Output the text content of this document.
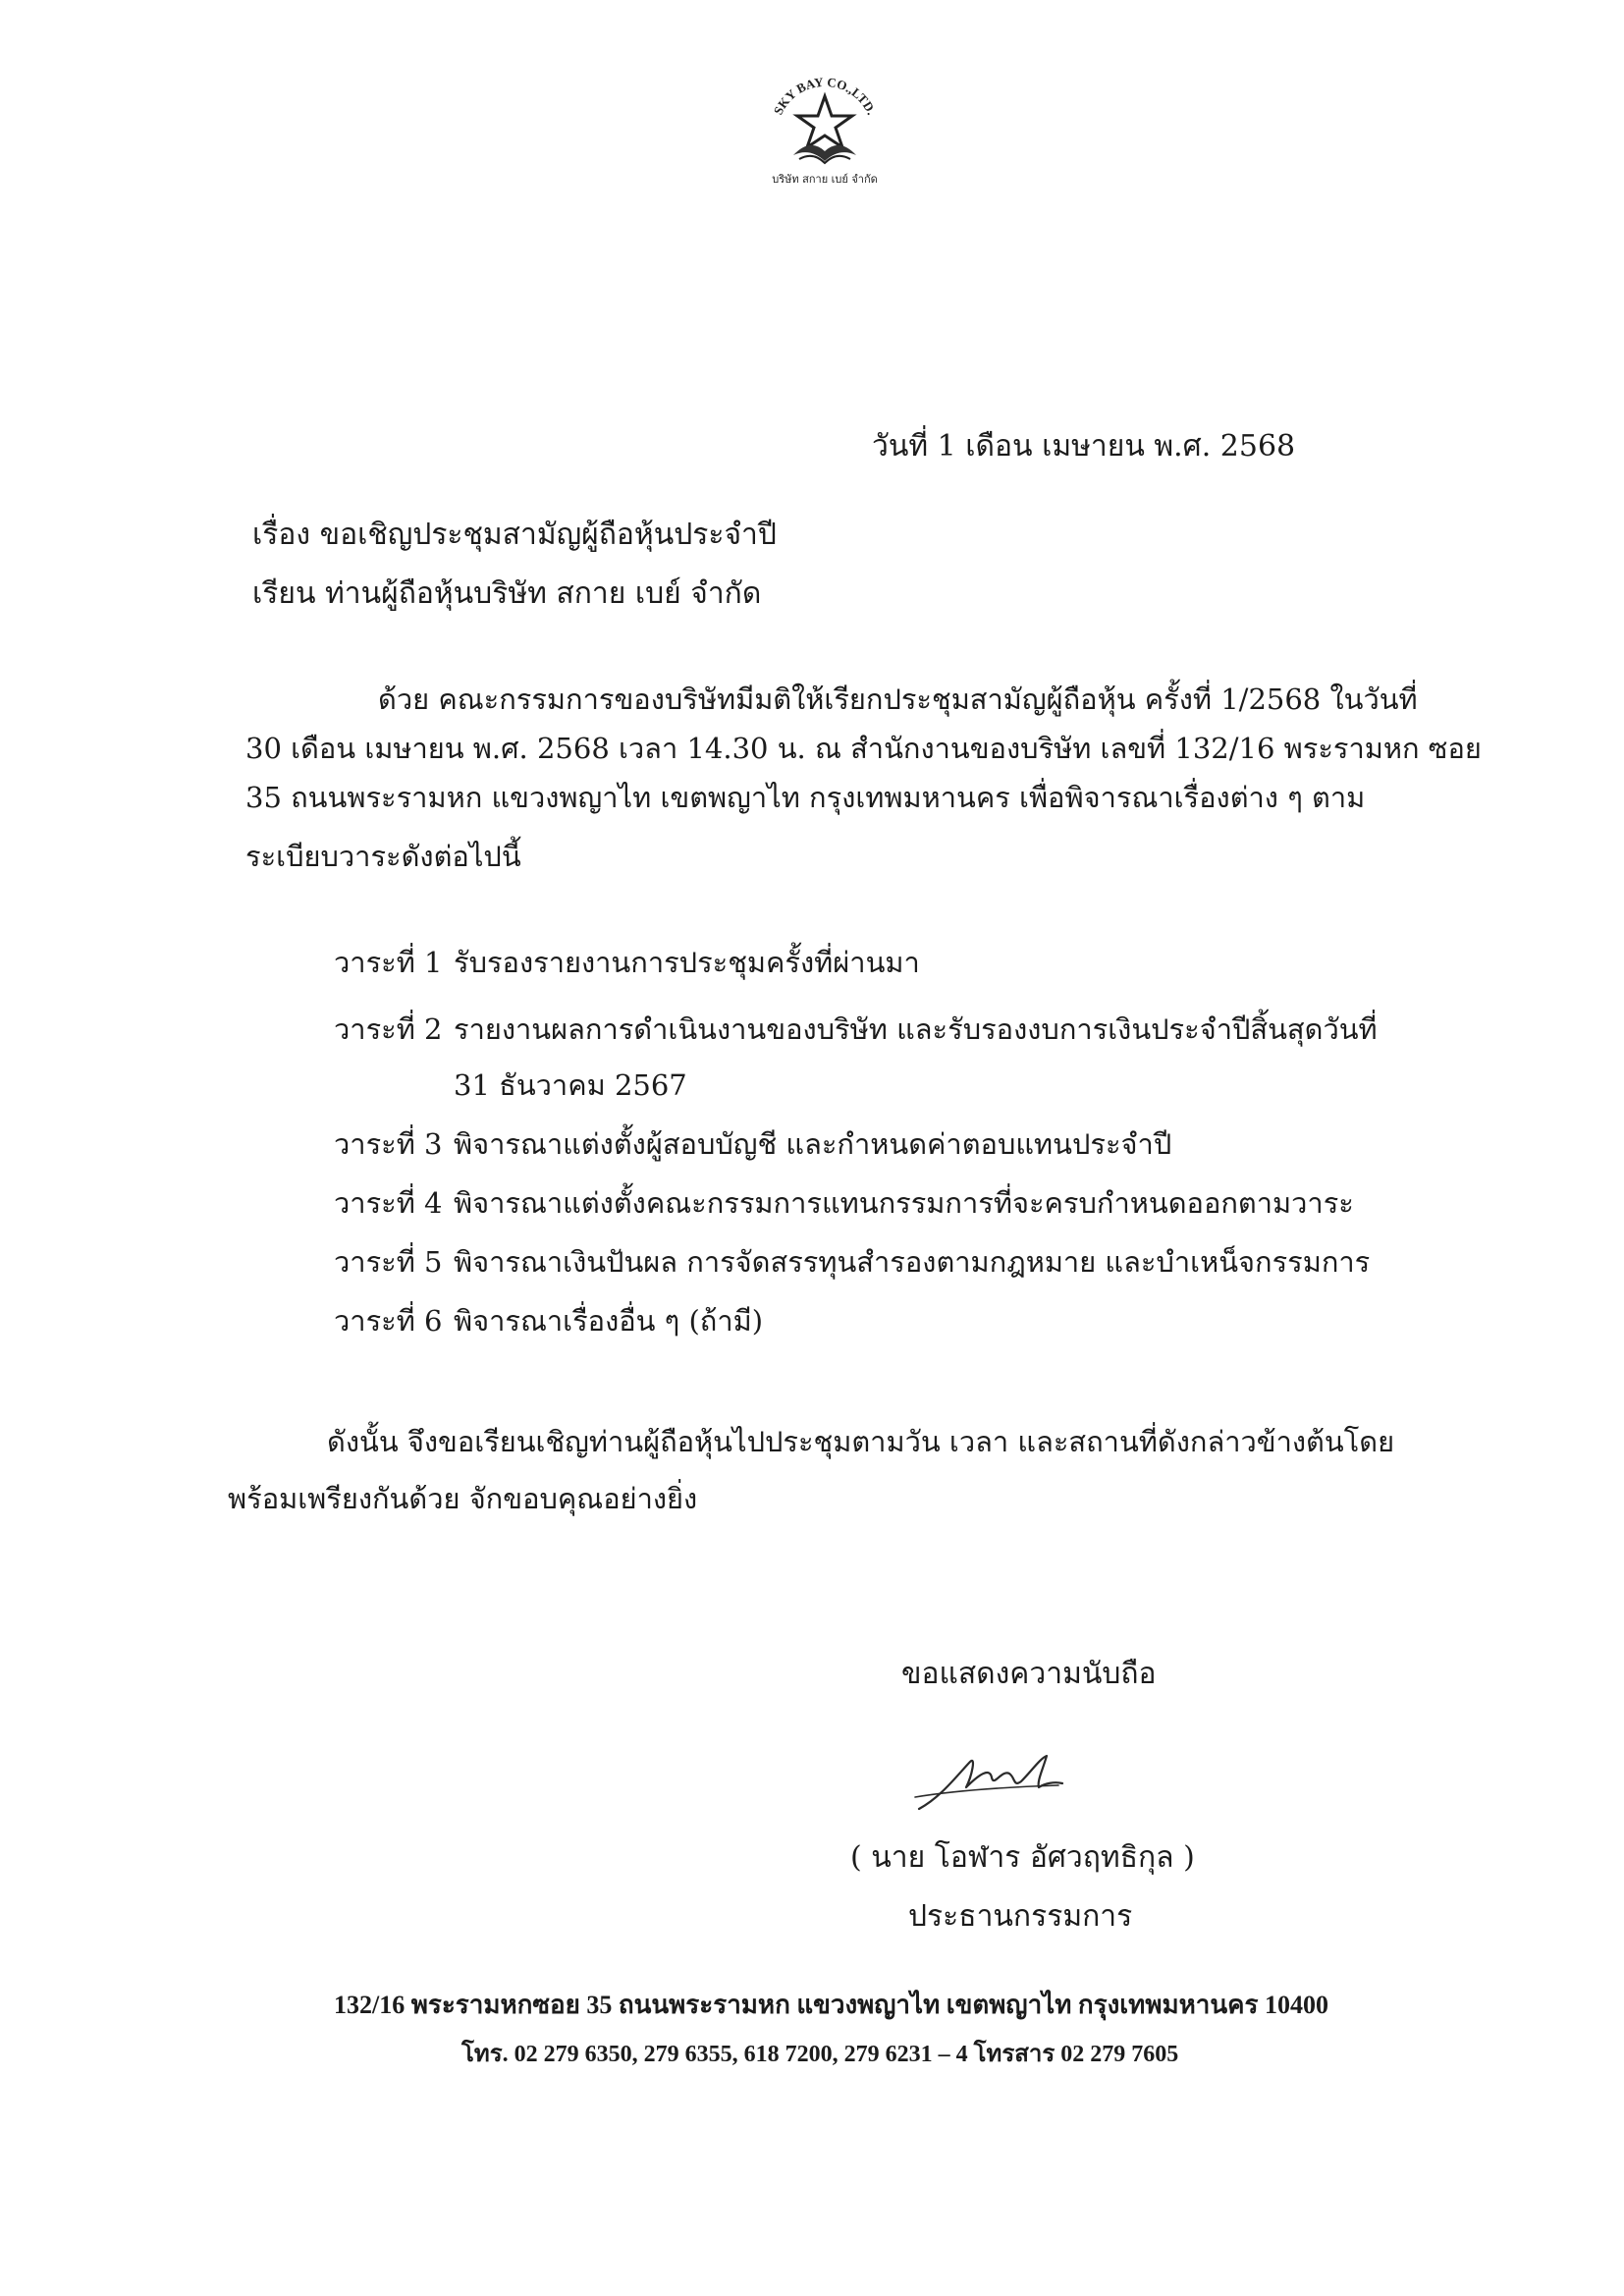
SKY BAY CO.,LTD.
บริษัท สกาย เบย์ จำกัด
วันที่ 1 เดือน เมษายน พ.ศ. 2568
เรื่อง ขอเชิญประชุมสามัญผู้ถือหุ้นประจำปี
เรียน ท่านผู้ถือหุ้นบริษัท สกาย เบย์ จำกัด
ด้วย คณะกรรมการของบริษัทมีมติให้เรียกประชุมสามัญผู้ถือหุ้น ครั้งที่ 1/2568 ในวันที่
30 เดือน เมษายน พ.ศ. 2568 เวลา 14.30 น. ณ สำนักงานของบริษัท เลขที่ 132/16 พระรามหก ซอย
35 ถนนพระรามหก แขวงพญาไท เขตพญาไท กรุงเทพมหานคร เพื่อพิจารณาเรื่องต่าง ๆ ตาม
ระเบียบวาระดังต่อไปนี้
วาระที่ 1 รับรองรายงานการประชุมครั้งที่ผ่านมา
วาระที่ 2 รายงานผลการดำเนินงานของบริษัท และรับรองงบการเงินประจำปีสิ้นสุดวันที่
31 ธันวาคม 2567
วาระที่ 3 พิจารณาแต่งตั้งผู้สอบบัญชี และกำหนดค่าตอบแทนประจำปี
วาระที่ 4 พิจารณาแต่งตั้งคณะกรรมการแทนกรรมการที่จะครบกำหนดออกตามวาระ
วาระที่ 5 พิจารณาเงินปันผล การจัดสรรทุนสำรองตามกฎหมาย และบำเหน็จกรรมการ
วาระที่ 6 พิจารณาเรื่องอื่น ๆ (ถ้ามี)
ดังนั้น จึงขอเรียนเชิญท่านผู้ถือหุ้นไปประชุมตามวัน เวลา และสถานที่ดังกล่าวข้างต้นโดย
พร้อมเพรียงกันด้วย จักขอบคุณอย่างยิ่ง
ขอแสดงความนับถือ
( นาย โอฬาร อัศวฤทธิกุล )
ประธานกรรมการ
132/16 พระรามหกซอย 35 ถนนพระรามหก แขวงพญาไท เขตพญาไท กรุงเทพมหานคร 10400
โทร. 02 279 6350, 279 6355, 618 7200, 279 6231 – 4 โทรสาร 02 279 7605
